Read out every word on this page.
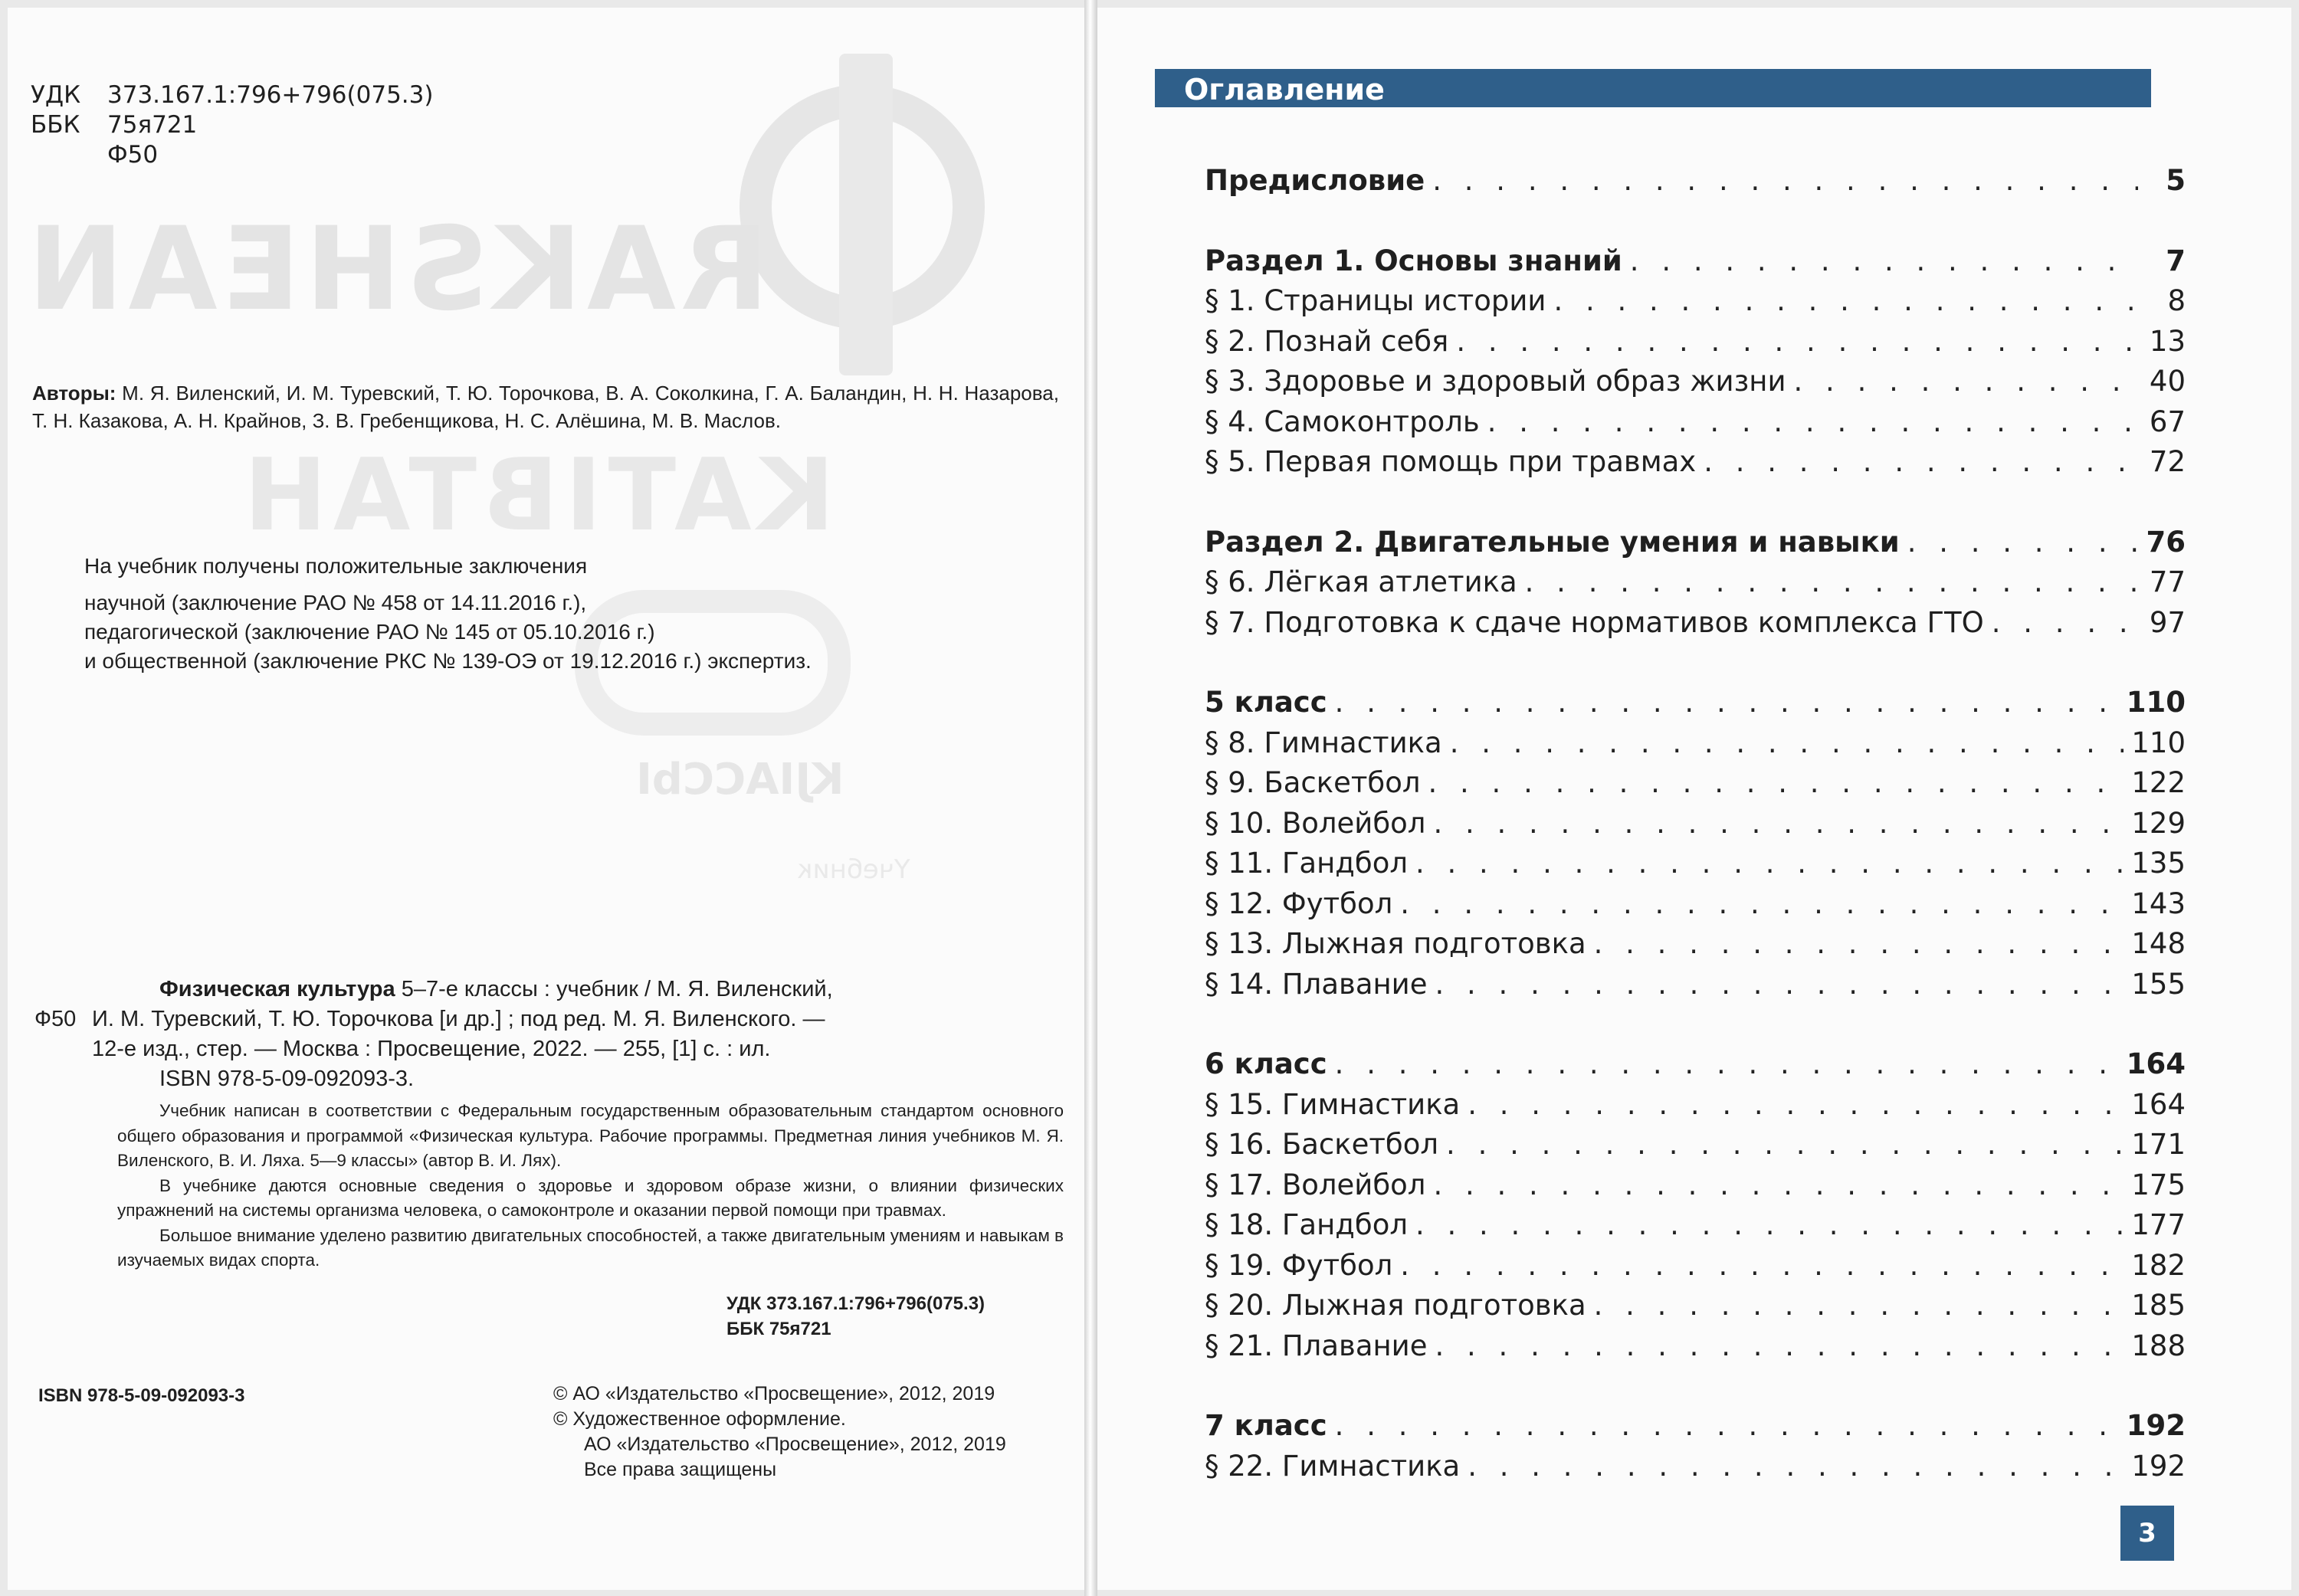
RAKSHEAN
KATIBTAH
KJIACCbI
Yчебник
УДК	373.167.1:796+796(075.3)
ББК	75я721
Ф50
Авторы: М. Я. Виленский, И. М. Туревский, Т. Ю. Торочкова, В. А. Соколкина, Г. А. Баландин, Н. Н. Назарова, Т. Н. Казакова, А. Н. Крайнов, З. В. Гребенщикова, Н. С. Алёшина, М. В. Маслов.
На учебник получены положительные заключения
научной (заключение РАО № 458 от 14.11.2016 г.),
педагогической (заключение РАО № 145 от 05.10.2016 г.)
и общественной (заключение РКС № 139-ОЭ от 19.12.2016 г.) экспертиз.
Физическая культура 5–7-е классы : учебник / М. Я. Виленский,
Ф50 И. М. Туревский, Т. Ю. Торочкова [и др.] ; под ред. М. Я. Виленского. —
12-е изд., стер. — Москва : Просвещение, 2022. — 255, [1] с. : ил.
ISBN 978-5-09-092093-3.

Учебник написан в соответствии с Федеральным государственным образовательным стандартом основного общего образования и программой «Физическая культура. Рабочие программы. Предметная линия учебников М. Я. Виленского, В. И. Ляха. 5—9 классы» (автор В. И. Лях).

В учебнике даются основные сведения о здоровье и здоровом образе жизни, о влиянии физических упражнений на системы организма человека, о самоконтроле и оказании первой помощи при травмах.

Большое внимание уделено развитию двигательных способностей, а также двигательным умениям и навыкам в изучаемых видах спорта.

УДК 373.167.1:796+796(075.3)
ББК 75я721
ISBN 978-5-09-092093-3	© АО «Издательство «Просвещение», 2012, 2019
© Художественное оформление.
АО «Издательство «Просвещение», 2012, 2019
Все права защищены
Оглавление
Предисловие . . .	5
Раздел 1. Основы знаний . . .	7
§ 1. Страницы истории . . .	8
§ 2. Познай себя . . .	13
§ 3. Здоровье и здоровый образ жизни . . .	40
§ 4. Самоконтроль . . .	67
§ 5. Первая помощь при травмах . . .	72
Раздел 2. Двигательные умения и навыки . . .	76
§ 6. Лёгкая атлетика . . .	77
§ 7. Подготовка к сдаче нормативов комплекса ГТО . . .	97
5 класс . . .	110
§ 8. Гимнастика . . .	110
§ 9. Баскетбол . . .	122
§ 10. Волейбол . . .	129
§ 11. Гандбол . . .	135
§ 12. Футбол . . .	143
§ 13. Лыжная подготовка . . .	148
§ 14. Плавание . . .	155
6 класс . . .	164
§ 15. Гимнастика . . .	164
§ 16. Баскетбол . . .	171
§ 17. Волейбол . . .	175
§ 18. Гандбол . . .	177
§ 19. Футбол . . .	182
§ 20. Лыжная подготовка . . .	185
§ 21. Плавание . . .	188
7 класс . . .	192
§ 22. Гимнастика . . .	192
3
